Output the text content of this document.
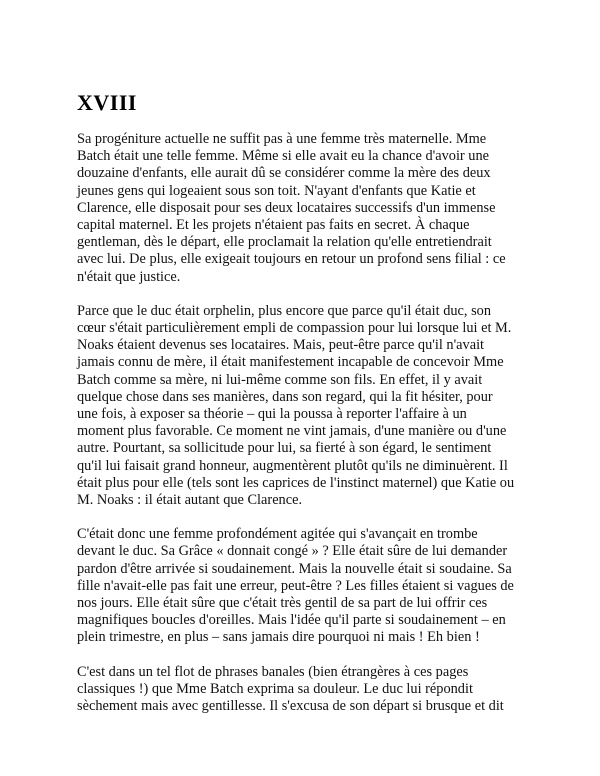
XVIII

Sa progéniture actuelle ne suffit pas à une femme très maternelle. Mme
Batch était une telle femme. Même si elle avait eu la chance d'avoir une
douzaine d'enfants, elle aurait dû se considérer comme la mère des deux
jeunes gens qui logeaient sous son toit. N'ayant d'enfants que Katie et
Clarence, elle disposait pour ses deux locataires successifs d'un immense
capital maternel. Et les projets n'étaient pas faits en secret. À chaque
gentleman, dès le départ, elle proclamait la relation qu'elle entretiendrait
avec lui. De plus, elle exigeait toujours en retour un profond sens filial : ce
n'était que justice.

Parce que le duc était orphelin, plus encore que parce qu'il était duc, son
cœur s'était particulièrement empli de compassion pour lui lorsque lui et M.
Noaks étaient devenus ses locataires. Mais, peut-être parce qu'il n'avait
jamais connu de mère, il était manifestement incapable de concevoir Mme
Batch comme sa mère, ni lui-même comme son fils. En effet, il y avait
quelque chose dans ses manières, dans son regard, qui la fit hésiter, pour
une fois, à exposer sa théorie – qui la poussa à reporter l'affaire à un
moment plus favorable. Ce moment ne vint jamais, d'une manière ou d'une
autre. Pourtant, sa sollicitude pour lui, sa fierté à son égard, le sentiment
qu'il lui faisait grand honneur, augmentèrent plutôt qu'ils ne diminuèrent. Il
était plus pour elle (tels sont les caprices de l'instinct maternel) que Katie ou
M. Noaks : il était autant que Clarence.

C'était donc une femme profondément agitée qui s'avançait en trombe
devant le duc. Sa Grâce « donnait congé » ? Elle était sûre de lui demander
pardon d'être arrivée si soudainement. Mais la nouvelle était si soudaine. Sa
fille n'avait-elle pas fait une erreur, peut-être ? Les filles étaient si vagues de
nos jours. Elle était sûre que c'était très gentil de sa part de lui offrir ces
magnifiques boucles d'oreilles. Mais l'idée qu'il parte si soudainement – en
plein trimestre, en plus – sans jamais dire pourquoi ni mais ! Eh bien !

C'est dans un tel flot de phrases banales (bien étrangères à ces pages
classiques !) que Mme Batch exprima sa douleur. Le duc lui répondit
sèchement mais avec gentillesse. Il s'excusa de son départ si brusque et dit
